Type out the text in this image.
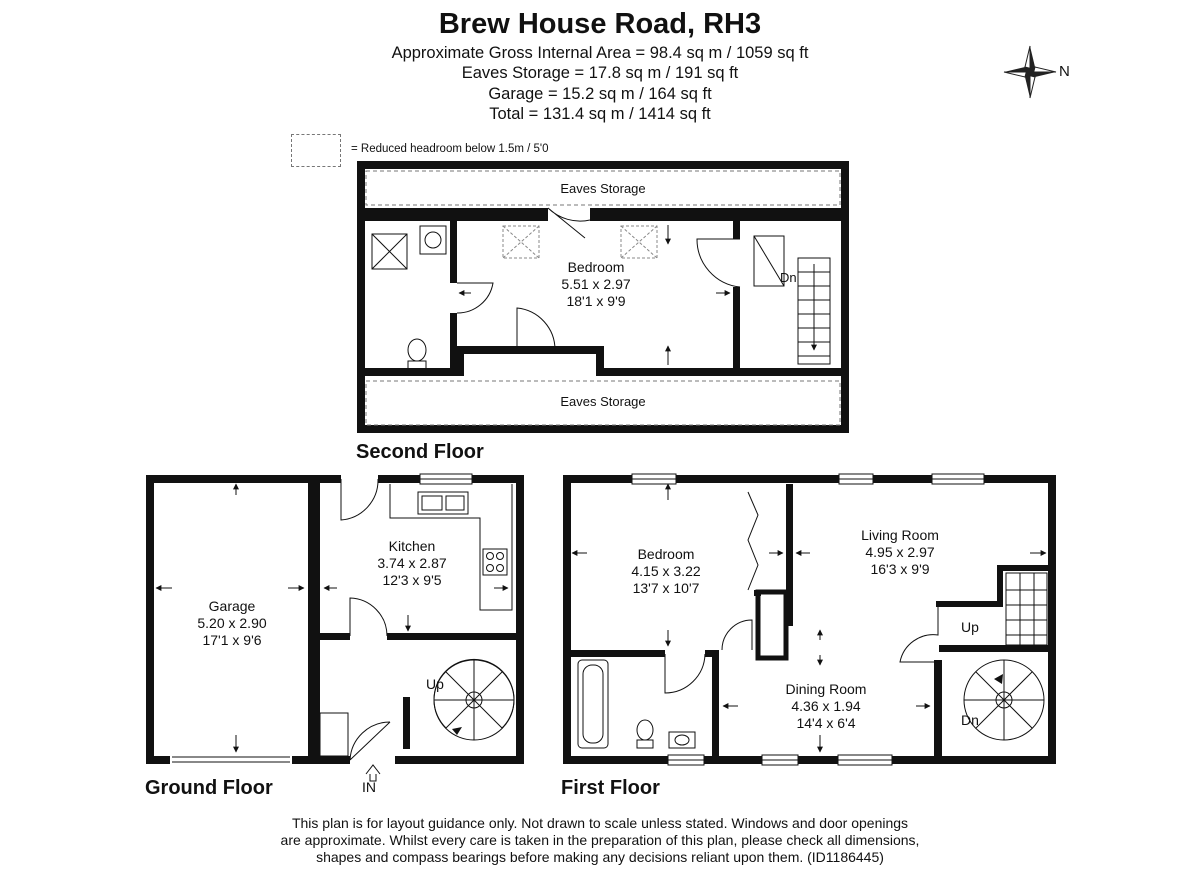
Brew House Road, RH3
Approximate Gross Internal Area = 98.4 sq m / 1059 sq ft
Eaves Storage = 17.8 sq m / 191 sq ft
Garage = 15.2 sq m / 164 sq ft
Total = 131.4 sq m / 1414 sq ft
N
= Reduced headroom below 1.5m / 5'0
Eaves Storage
Eaves Storage
Bedroom
5.51 x 2.97
18'1 x 9'9
Dn
Second Floor
Garage
5.20 x 2.90
17'1 x 9'6
Kitchen
3.74 x 2.87
12'3 x 9'5
Up
IN
Ground Floor
Bedroom
4.15 x 3.22
13'7 x 10'7
Living Room
4.95 x 2.97
16'3 x 9'9
Dining Room
4.36 x 1.94
14'4 x 6'4
Up
Dn
First Floor
This plan is for layout guidance only. Not drawn to scale unless stated. Windows and door openings
are approximate. Whilst every care is taken in the preparation of this plan, please check all dimensions,
shapes and compass bearings before making any decisions reliant upon them. (ID1186445)
